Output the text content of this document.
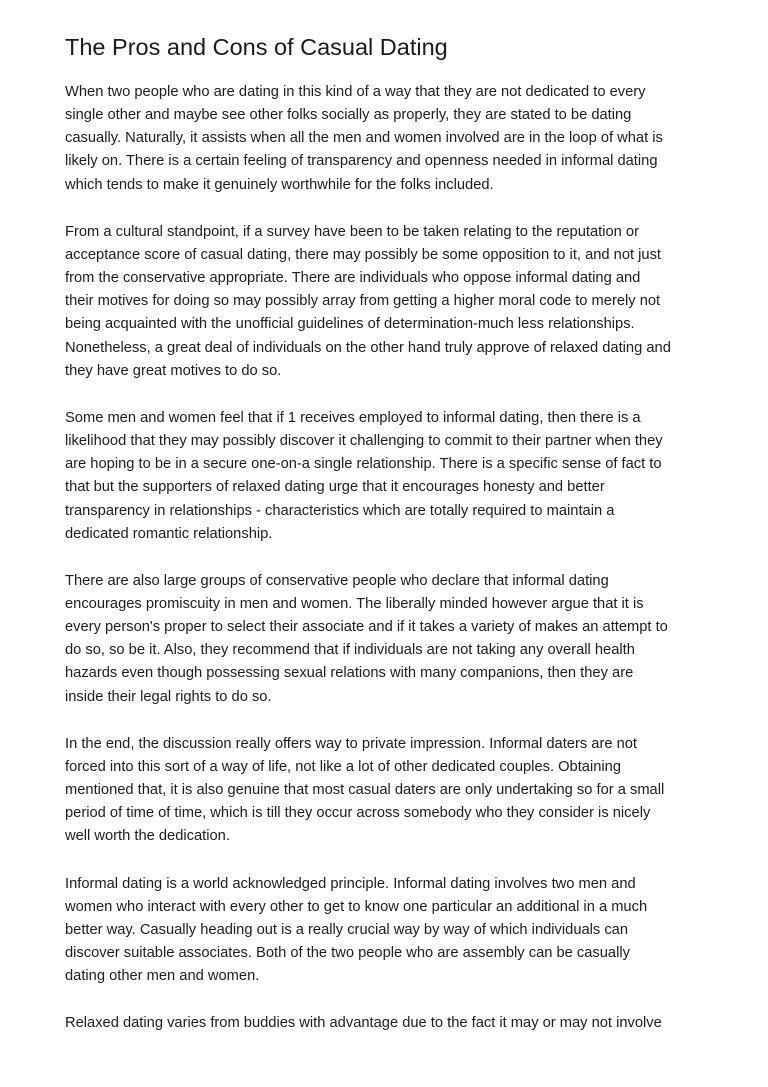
The Pros and Cons of Casual Dating

When two people who are dating in this kind of a way that they are not dedicated to every
single other and maybe see other folks socially as properly, they are stated to be dating
casually. Naturally, it assists when all the men and women involved are in the loop of what is
likely on. There is a certain feeling of transparency and openness needed in informal dating
which tends to make it genuinely worthwhile for the folks included.

From a cultural standpoint, if a survey have been to be taken relating to the reputation or
acceptance score of casual dating, there may possibly be some opposition to it, and not just
from the conservative appropriate. There are individuals who oppose informal dating and
their motives for doing so may possibly array from getting a higher moral code to merely not
being acquainted with the unofficial guidelines of determination-much less relationships.
Nonetheless, a great deal of individuals on the other hand truly approve of relaxed dating and
they have great motives to do so.

Some men and women feel that if 1 receives employed to informal dating, then there is a
likelihood that they may possibly discover it challenging to commit to their partner when they
are hoping to be in a secure one-on-a single relationship. There is a specific sense of fact to
that but the supporters of relaxed dating urge that it encourages honesty and better
transparency in relationships - characteristics which are totally required to maintain a
dedicated romantic relationship.

There are also large groups of conservative people who declare that informal dating
encourages promiscuity in men and women. The liberally minded however argue that it is
every person's proper to select their associate and if it takes a variety of makes an attempt to
do so, so be it. Also, they recommend that if individuals are not taking any overall health
hazards even though possessing sexual relations with many companions, then they are
inside their legal rights to do so.

In the end, the discussion really offers way to private impression. Informal daters are not
forced into this sort of a way of life, not like a lot of other dedicated couples. Obtaining
mentioned that, it is also genuine that most casual daters are only undertaking so for a small
period of time of time, which is till they occur across somebody who they consider is nicely
well worth the dedication.

Informal dating is a world acknowledged principle. Informal dating involves two men and
women who interact with every other to get to know one particular an additional in a much
better way. Casually heading out is a really crucial way by way of which individuals can
discover suitable associates. Both of the two people who are assembly can be casually
dating other men and women.

Relaxed dating varies from buddies with advantage due to the fact it may or may not involve
